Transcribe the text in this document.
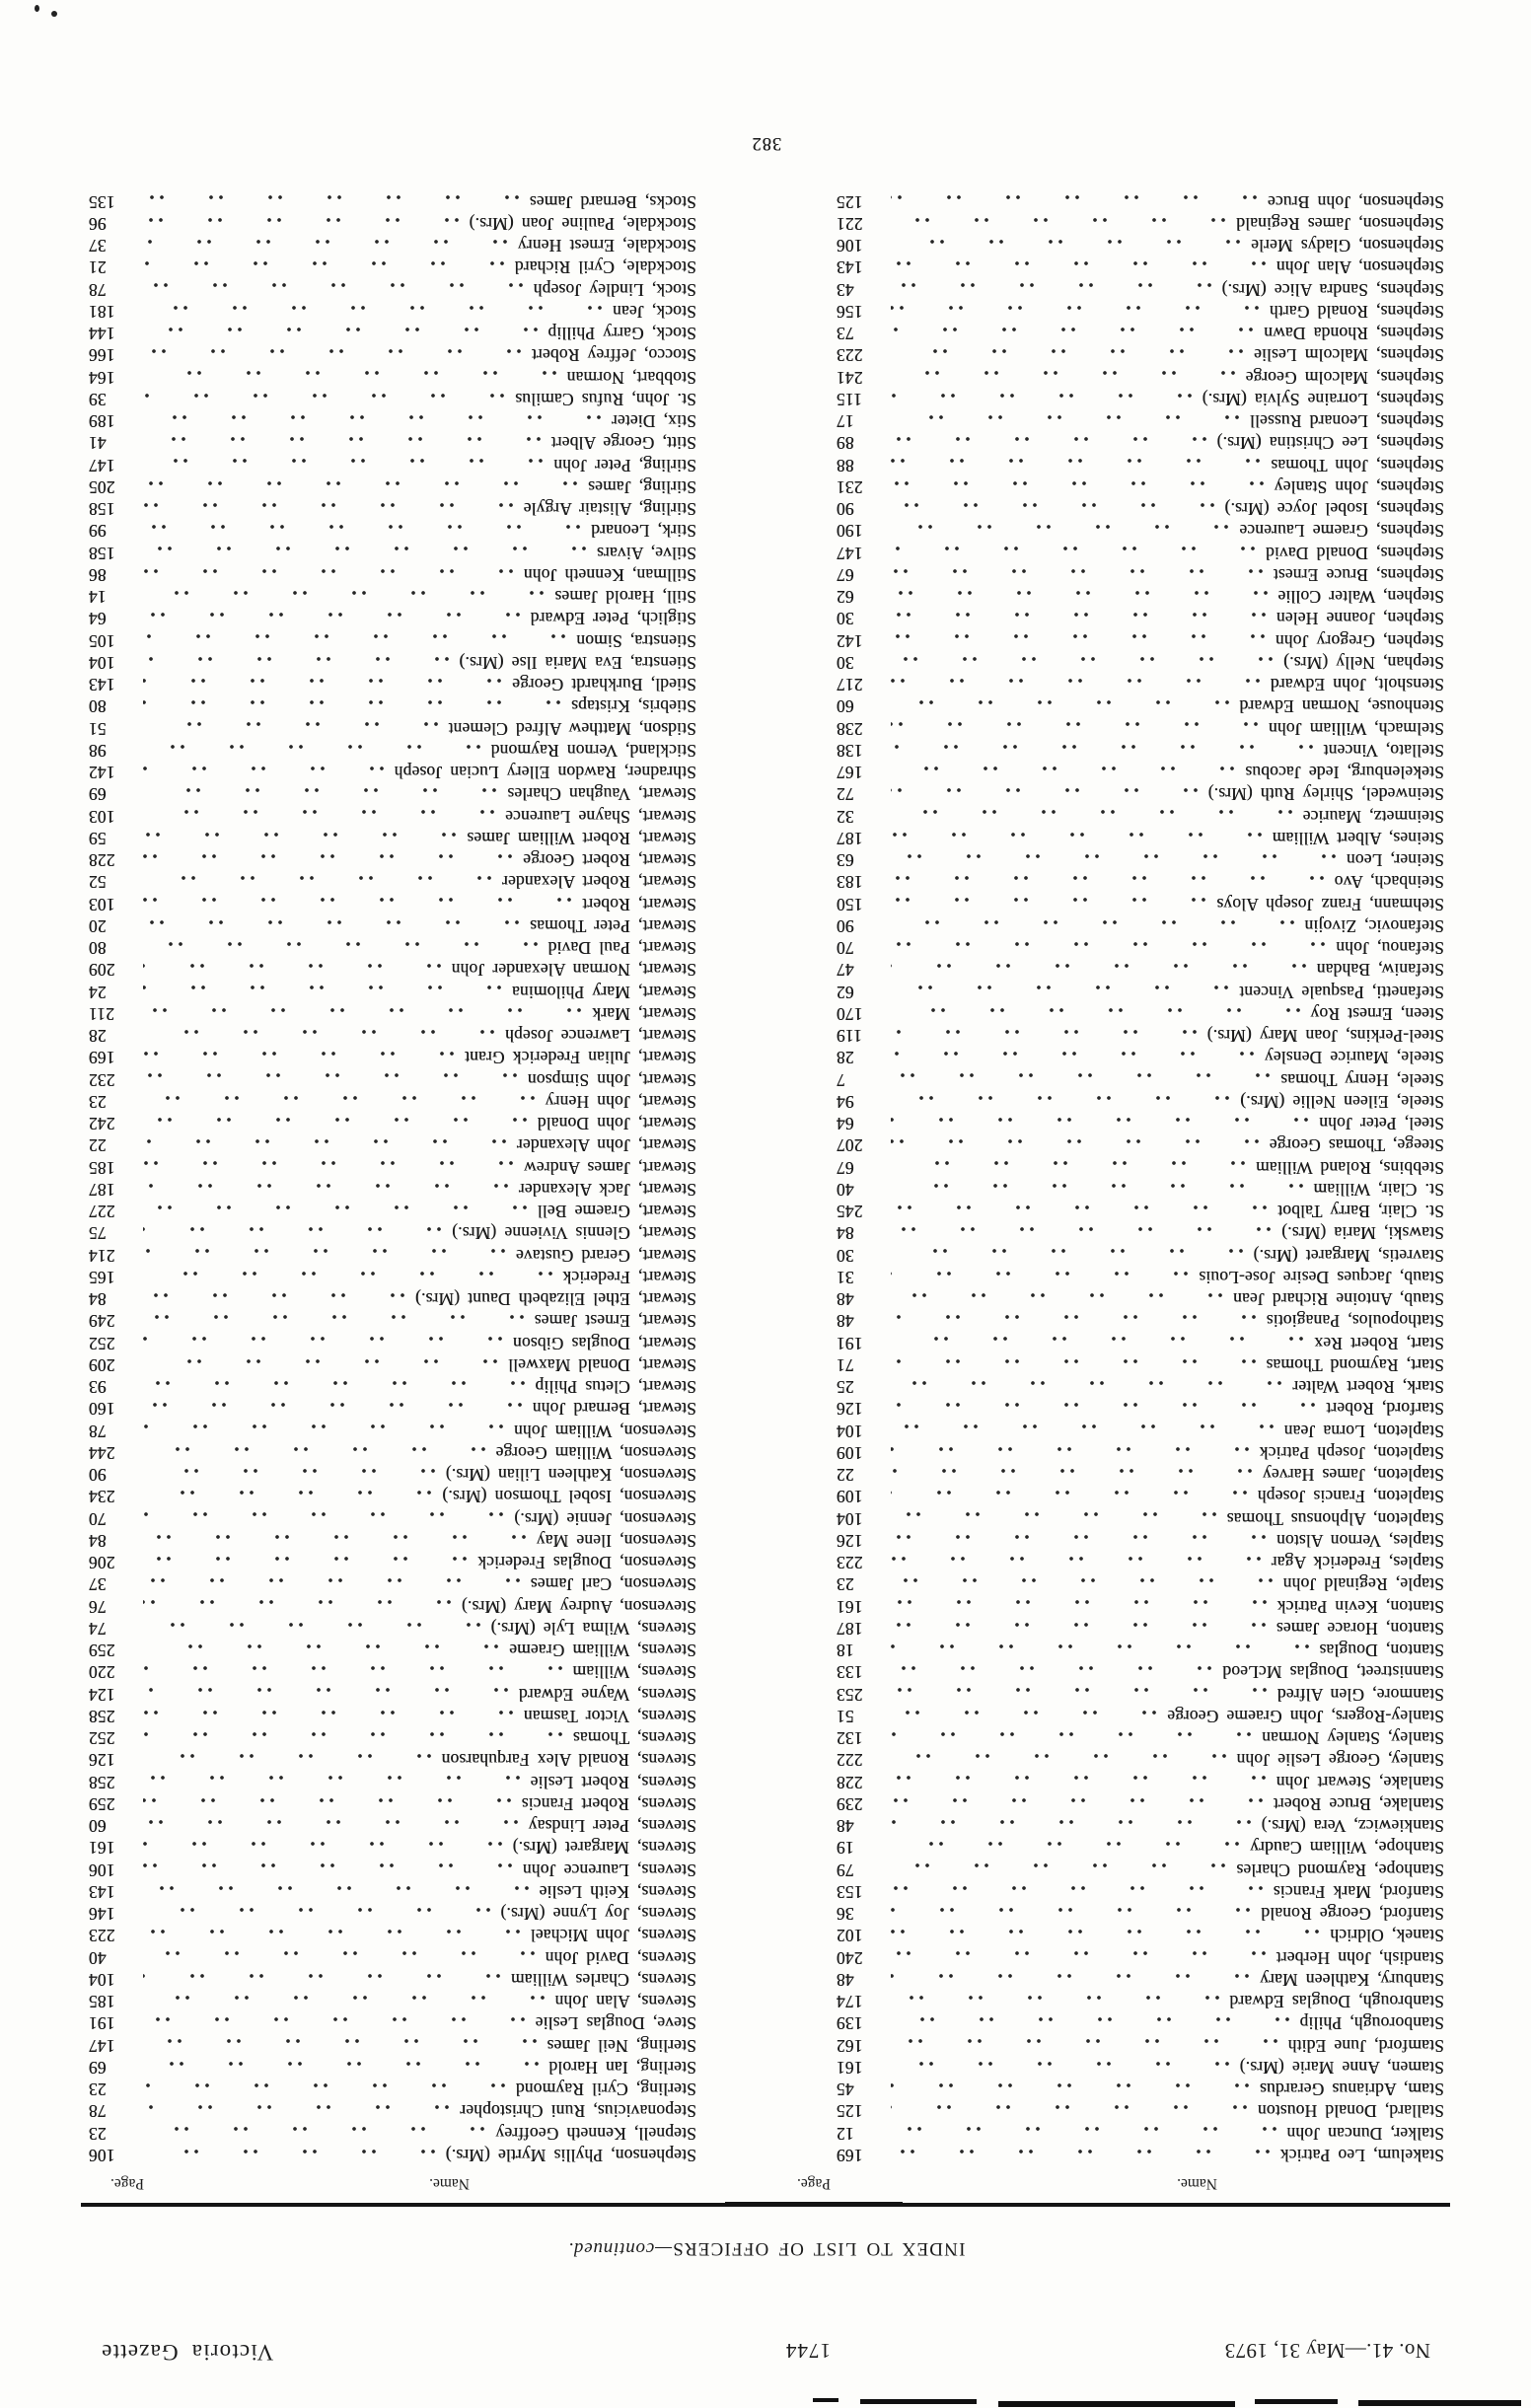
No. 41.—May 31, 1973
1744
Victoria Gazette
INDEX TO LIST OF OFFICERS—continued.
Name.
Page.
Name.
Page.
Stakelum, Leo Patrick
169
Stalker, Duncan John
12
Stallard, Donald Houston
125
Stam, Adrianus Gerardus
45
Stamen, Anne Marie (Mrs.)
161
Stamford, June Edith
162
Stanborough, Philip
139
Stanbrough, Douglas Edward
174
Stanbury, Kathleen Mary
48
Standish, John Herbert
240
Stanek, Oldrich
102
Stanford, George Ronald
36
Stanford, Mark Francis
153
Stanhope, Raymond Charles
79
Stanhope, William Caudry
19
Stankiewicz, Vera (Mrs.)
48
Stanlake, Bruce Robert
239
Stanlake, Stewart John
228
Stanley, George Leslie John
222
Stanley, Stanley Norman
132
Stanley-Rogers, John Graeme George
51
Stanmore, Glen Alfred
253
Stannistreet, Douglas McLeod
133
Stanton, Douglas
18
Stanton, Horace James
187
Stanton, Kevin Patrick
161
Staple, Reginald John
23
Staples, Frederick Agar
223
Staples, Vernon Alston
126
Stapleton, Alphonsus Thomas
104
Stapleton, Francis Joseph
109
Stapleton, James Harvey
22
Stapleton, Joseph Patrick
109
Stapleton, Lorna Jean
104
Starford, Robert
126
Stark, Robert Walter
25
Start, Raymond Thomas
71
Start, Robert Rex
191
Stathopoulos, Panagiotis
48
Staub, Antoine Richard Jean
48
Staub, Jacques Desire Jose-Louis
31
Stavretis, Margaret (Mrs.)
30
Stawski, Maria (Mrs.)
84
St. Clair, Barry Talbot
245
St. Clair, William
40
Stebbins, Roland William
67
Steege, Thomas George
207
Steel, Peter John
64
Steele, Eileen Nellie (Mrs.)
94
Steele, Henry Thomas
7
Steele, Maurice Densley
28
Steel-Perkins, Joan Mary (Mrs.)
119
Steen, Ernest Roy
170
Stefanetti, Pasquale Vincent
62
Stefaniw, Bahdan
47
Stefanou, John
70
Stefanovic, Zivojin
90
Stehmann, Franz Joseph Aloys
150
Steinbach, Avo
183
Steiner, Leon
63
Steines, Albert William
187
Steinmetz, Maurice
32
Steinwedel, Shirley Ruth (Mrs.)
72
Stekelenburg, Iede Jacobus
167
Stellato, Vincent
138
Stelmach, William John
238
Stenhouse, Norman Edward
60
Stensholt, John Edward
217
Stephan, Nelly (Mrs.)
30
Stephen, Gregory John
142
Stephen, Joanne Helen
30
Stephen, Walter Collie
62
Stephens, Bruce Ernest
67
Stephens, Donald David
147
Stephens, Graeme Laurence
190
Stephens, Isobel Joyce (Mrs.)
90
Stephens, John Stanley
231
Stephens, John Thomas
88
Stephens, Lee Christina (Mrs.)
89
Stephens, Leonard Russell
17
Stephens, Lorraine Sylvia (Mrs.)
115
Stephens, Malcolm George
241
Stephens, Malcolm Leslie
223
Stephens, Rhonda Dawn
73
Stephens, Ronald Garth
156
Stephens, Sandra Alice (Mrs.)
43
Stephenson, Alan John
143
Stephenson, Gladys Merle
106
Stephenson, James Reginald
221
Stephenson, John Bruce
125
Stephenson, Phyllis Myrtle (Mrs.)
106
Stepnell, Kenneth Geoffrey
23
Steponavicius, Runi Christopher
78
Sterling, Cyril Raymond
23
Sterling, Ian Harold
69
Sterling, Neil James
147
Steve, Douglas Leslie
191
Stevens, Alan John
185
Stevens, Charles William
104
Stevens, David John
40
Stevens, John Michael
223
Stevens, Joy Lynne (Mrs.)
146
Stevens, Keith Leslie
143
Stevens, Laurence John
106
Stevens, Margaret (Mrs.)
161
Stevens, Peter Lindsay
60
Stevens, Robert Francis
259
Stevens, Robert Leslie
258
Stevens, Ronald Alex Farquharson
126
Stevens, Thomas
252
Stevens, Victor Tasman
258
Stevens, Wayne Edward
124
Stevens, William
220
Stevens, William Graeme
259
Stevens, Wilma Lyle (Mrs.)
74
Stevenson, Audrey Mary (Mrs.)
76
Stevenson, Carl James
37
Stevenson, Douglas Frederick
206
Stevenson, Ilene May
84
Stevenson, Jennie (Mrs.)
70
Stevenson, Isobel Thomson (Mrs.)
234
Stevenson, Kathleen Lilian (Mrs.)
90
Stevenson, William George
244
Stevenson, William John
78
Stewart, Bernard John
160
Stewart, Cletus Philip
93
Stewart, Donald Maxwell
209
Stewart, Douglas Gibson
252
Stewart, Ernest James
249
Stewart, Ethel Elizabeth Daunt (Mrs.)
84
Stewart, Frederick
165
Stewart, Gerard Gustave
214
Stewart, Glennis Vivienne (Mrs.)
75
Stewart, Graeme Bell
227
Stewart, Jack Alexander
187
Stewart, James Andrew
185
Stewart, John Alexander
22
Stewart, John Donald
242
Stewart, John Henry
23
Stewart, John Simpson
232
Stewart, Julian Frederick Grant
169
Stewart, Lawrence Joseph
28
Stewart, Mark
211
Stewart, Mary Philomina
24
Stewart, Norman Alexander John
209
Stewart, Paul David
80
Stewart, Peter Thomas
20
Stewart, Robert
103
Stewart, Robert Alexander
52
Stewart, Robert George
228
Stewart, Robert William James
59
Stewart, Shayne Laurence
103
Stewart, Vaughan Charles
69
Sthradner, Rawdon Ellery Lucian Joseph
142
Stickland, Vernon Raymond
98
Stidson, Matthew Alfred Clement
51
Stiebris, Kristaps
80
Stiedl, Burkhardt George
143
Stienstra, Eva Maria Ilse (Mrs.)
104
Stienstra, Simon
105
Stiglich, Peter Edward
64
Still, Harold James
14
Stillman, Kenneth John
86
Stilve, Aivars
158
Stirk, Leonard
99
Stirling, Alistair Argyle
158
Stirling, James
205
Stirling, Peter John
147
Stitt, George Albert
41
Stix, Dieter
189
St. John, Rufus Camilus
39
Stobbart, Norman
164
Stocco, Jeffrey Robert
166
Stock, Garry Phillip
144
Stock, Jean
181
Stock, Lindley Joseph
78
Stockdale, Cyril Richard
21
Stockdale, Ernest Henry
37
Stockdale, Pauline Joan (Mrs.)
96
Stocks, Bernard James
135
382
